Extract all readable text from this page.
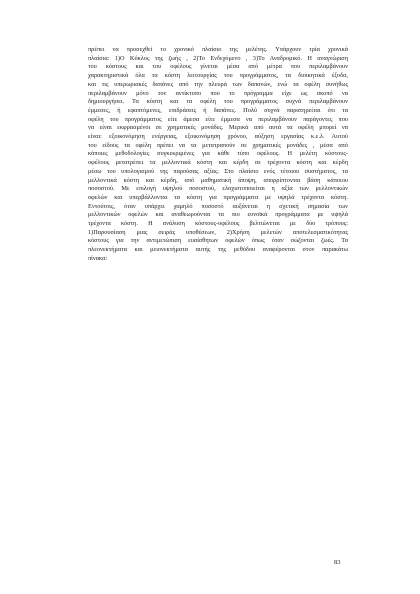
πρέπει να προσεχθεί το χρονικό πλαίσιο της μελέτης. Υπάρχουν τρία χρονικά
πλαίσια: 1)Ο Κύκλος της ζωής , 2)Το Ενδεχόμενο , 3)Το Αναδρομικό. Η αναγνώριση
του κόστους και του οφέλους γίνεται μέσα από μέτρα που περιλαμβάνουν
χαρακτηριστικά όλα τα κόστη λειτουργίας του προγράμματος, τα διοικητικά έξοδα,
και τις υπερωριακές δαπάνες από την πλευρά των δαπανών, ενώ τα οφέλη συνήθως
περιλαμβάνουν μόνο τον αντίκτυπο που το πρόγραμμα είχε ως σκοπό να
δημιουργήσει. Τα κόστη και τα οφέλη του προγράμματος συχνά περιλαμβάνουν
έμμεσες, ή εφαπτόμενες, επιδράσεις ή δαπάνες. Πολύ συχνά παρατηρείται ότι τα
οφέλη του προγράμματος είτε άμεσα είτε έμμεσα να περιλαμβάνουν παράγοντες που
να είναι εκφρασμένοι σε χρηματικές μονάδες. Μερικά από αυτά τα οφέλη μπορεί να
είναι: εξοικονόμηση ενέργειας, εξοικονόμηση χρόνου, αύξηση εργασίας κ.ε.λ. Αυτού
του είδους τα οφέλη πρέπει να τα μετατραπούν σε χρηματικές μονάδες , μέσα από
κάποιες μεθοδολογίες συγκεκριμένες για κάθε τύπο οφέλους. Η μελέτη κόστους-
οφέλους μετατρέπει τα μελλοντικά κόστη και κέρδη σε τρέχοντα κόστη και κέρδη
μέσω του υπολογισμού της παρούσας αξίας. Στο πλαίσιο ενός τέτοιου συστήματος, τα
μελλοντικά κόστη και κέρδη, από μαθηματική άποψη, απορρίπτονται βάση κάποιου
ποσοστού. Με επιλογή υψηλού ποσοστού, ελαχιστοποιείται η αξία των μελλοντικών
οφελών και υπερβάλλονται τα κόστη για προγράμματα με υψηλά τρέχοντα κόστη.
Εντούτοις, όταν υπάρχει χαμηλό ποσοστό αυξάνεται η σχετική σημασία των
μελλοντικών οφελών και αναθεωρούνται τα πιο ευνοϊκά προγράμματα με υψηλά
τρέχοντα κόστη. Η ανάλυση κόστους-οφέλους βελτιώνεται με δύο τρόπους:
1)Παρουσίαση μιας σειράς υποθέσεων, 2)Χρήση μελετών αποτελεσματικότητας
κόστους για την αντιμετώπιση ευαίσθητων οφελών όπως όταν σώζονται ζωές. Τα
πλεονεκτήματα και μειονεκτήματα αυτής της μεθόδου αναφέρονται στον παρακάτω
πίνακα:
83
